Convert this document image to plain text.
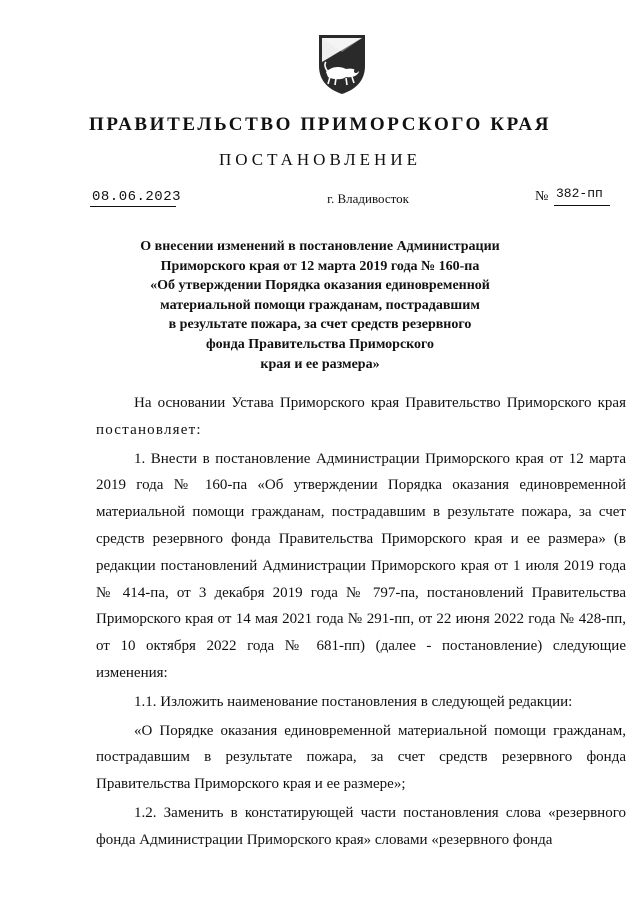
ПРАВИТЕЛЬСТВО ПРИМОРСКОГО КРАЯ
ПОСТАНОВЛЕНИЕ
08.06.2023	г. Владивосток	№ 382-пп
О внесении изменений в постановление Администрации
Приморского края от 12 марта 2019 года № 160-па
«Об утверждении Порядка оказания единовременной
материальной помощи гражданам, пострадавшим
в результате пожара, за счет средств резервного
фонда Правительства Приморского
края и ее размера»

На основании Устава Приморского края Правительство Приморского края постановляет:

1. Внести в постановление Администрации Приморского края от 12 марта 2019 года № 160-па «Об утверждении Порядка оказания единовременной материальной помощи гражданам, пострадавшим в результате пожара, за счет средств резервного фонда Правительства Приморского края и ее размера» (в редакции постановлений Администрации Приморского края от 1 июля 2019 года № 414-па, от 3 декабря 2019 года № 797-па, постановлений Правительства Приморского края от 14 мая 2021 года № 291-пп, от 22 июня 2022 года № 428-пп, от 10 октября 2022 года № 681-пп) (далее - постановление) следующие изменения:

1.1. Изложить наименование постановления в следующей редакции:

«О Порядке оказания единовременной материальной помощи гражданам, пострадавшим в результате пожара, за счет средств резервного фонда Правительства Приморского края и ее размере»;

1.2. Заменить в констатирующей части постановления слова «резервного фонда Администрации Приморского края» словами «резервного фонда
